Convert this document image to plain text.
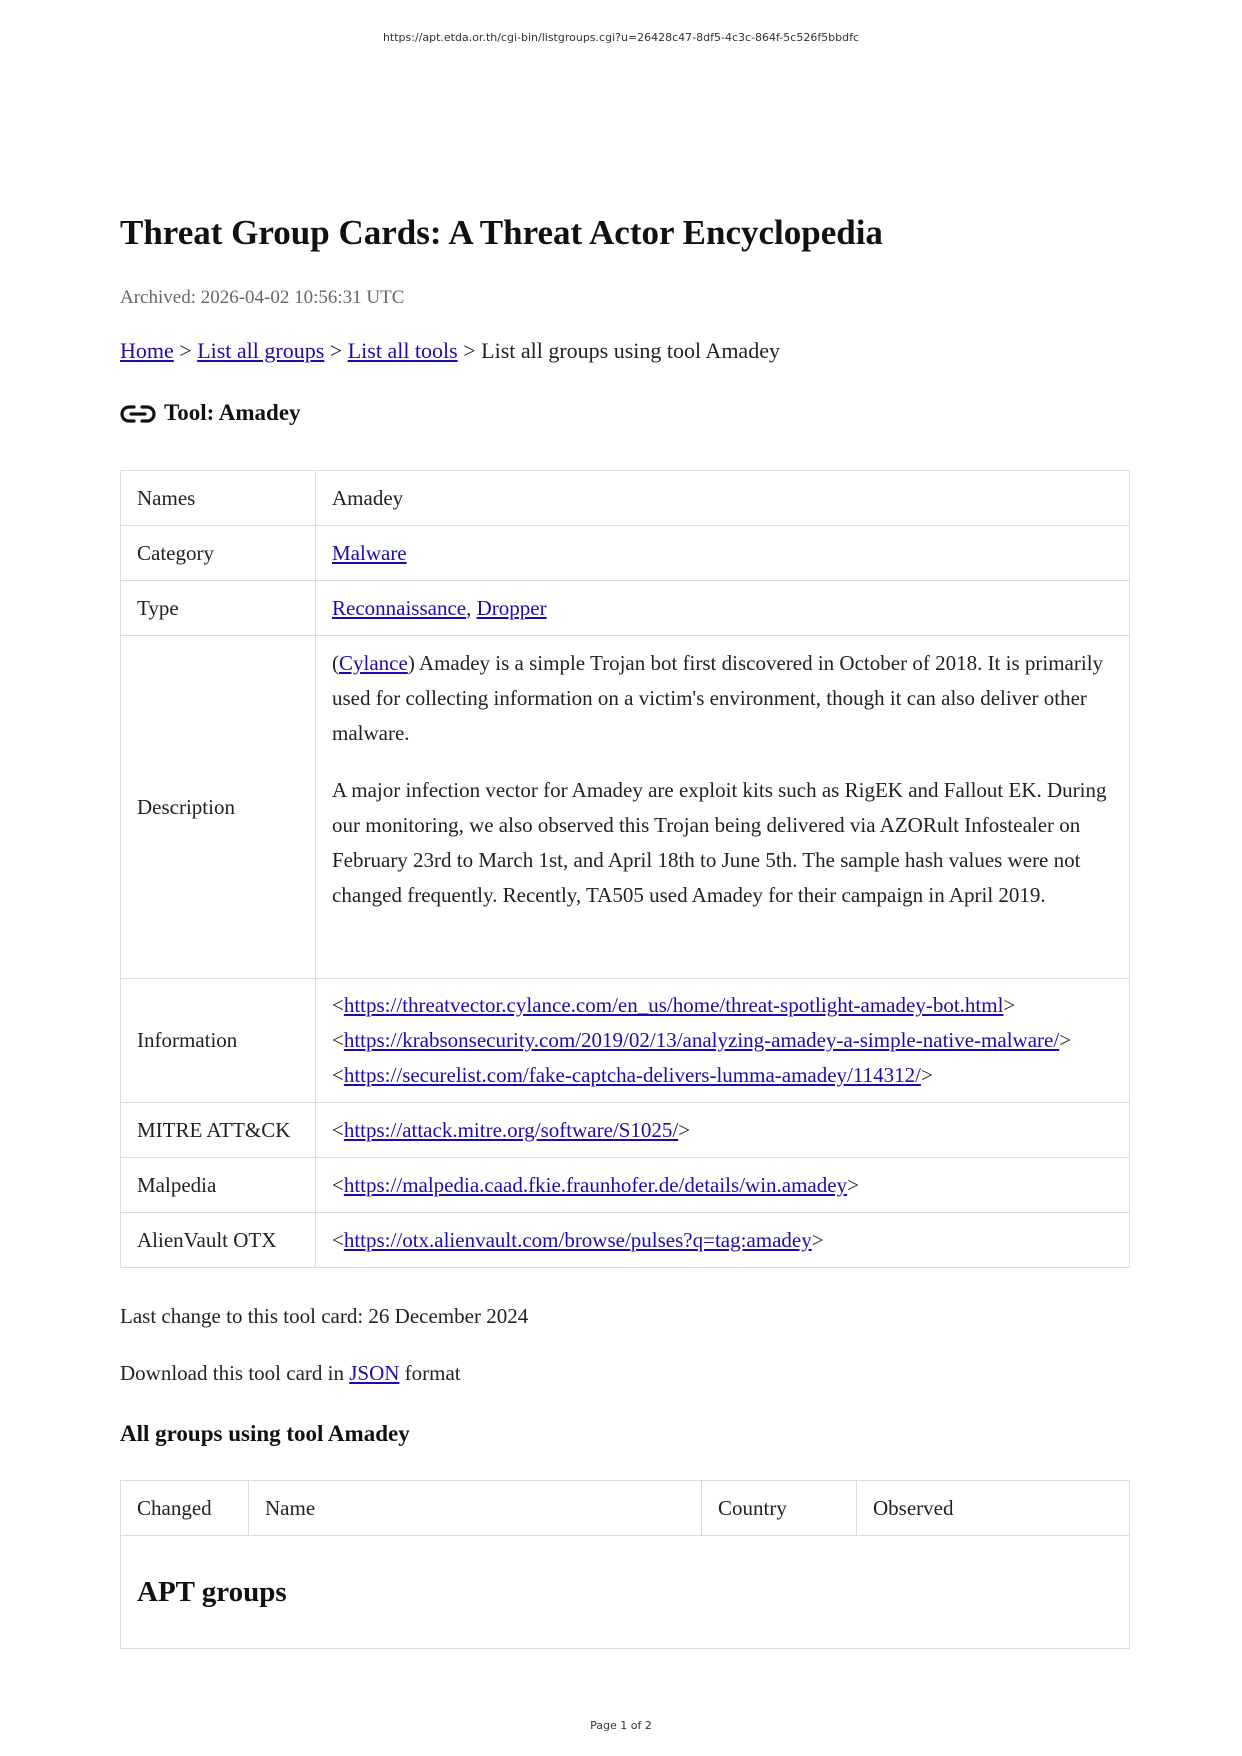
https://apt.etda.or.th/cgi-bin/listgroups.cgi?u=26428c47-8df5-4c3c-864f-5c526f5bbdfc
Threat Group Cards: A Threat Actor Encyclopedia
Archived: 2026-04-02 10:56:31 UTC
Home > List all groups > List all tools > List all groups using tool Amadey
Tool: Amadey
Names	Amadey
Category	Malware
Type	Reconnaissance, Dropper
Description	(Cylance) Amadey is a simple Trojan bot first discovered in October of 2018. It is primarily used for collecting information on a victim's environment, though it can also deliver other malware.

A major infection vector for Amadey are exploit kits such as RigEK and Fallout EK. During our monitoring, we also observed this Trojan being delivered via AZORult Infostealer on February 23rd to March 1st, and April 18th to June 5th. The sample hash values were not changed frequently. Recently, TA505 used Amadey for their campaign in April 2019.

Information	<https://threatvector.cylance.com/en_us/home/threat-spotlight-amadey-bot.html>
<https://krabsonsecurity.com/2019/02/13/analyzing-amadey-a-simple-native-malware/>
<https://securelist.com/fake-captcha-delivers-lumma-amadey/114312/>

MITRE ATT&CK	<https://attack.mitre.org/software/S1025/>
Malpedia	<https://malpedia.caad.fkie.fraunhofer.de/details/win.amadey>
AlienVault OTX	<https://otx.alienvault.com/browse/pulses?q=tag:amadey>
Last change to this tool card: 26 December 2024
Download this tool card in JSON format
All groups using tool Amadey
Changed	Name	Country	Observed
APT groups
Page 1 of 2
